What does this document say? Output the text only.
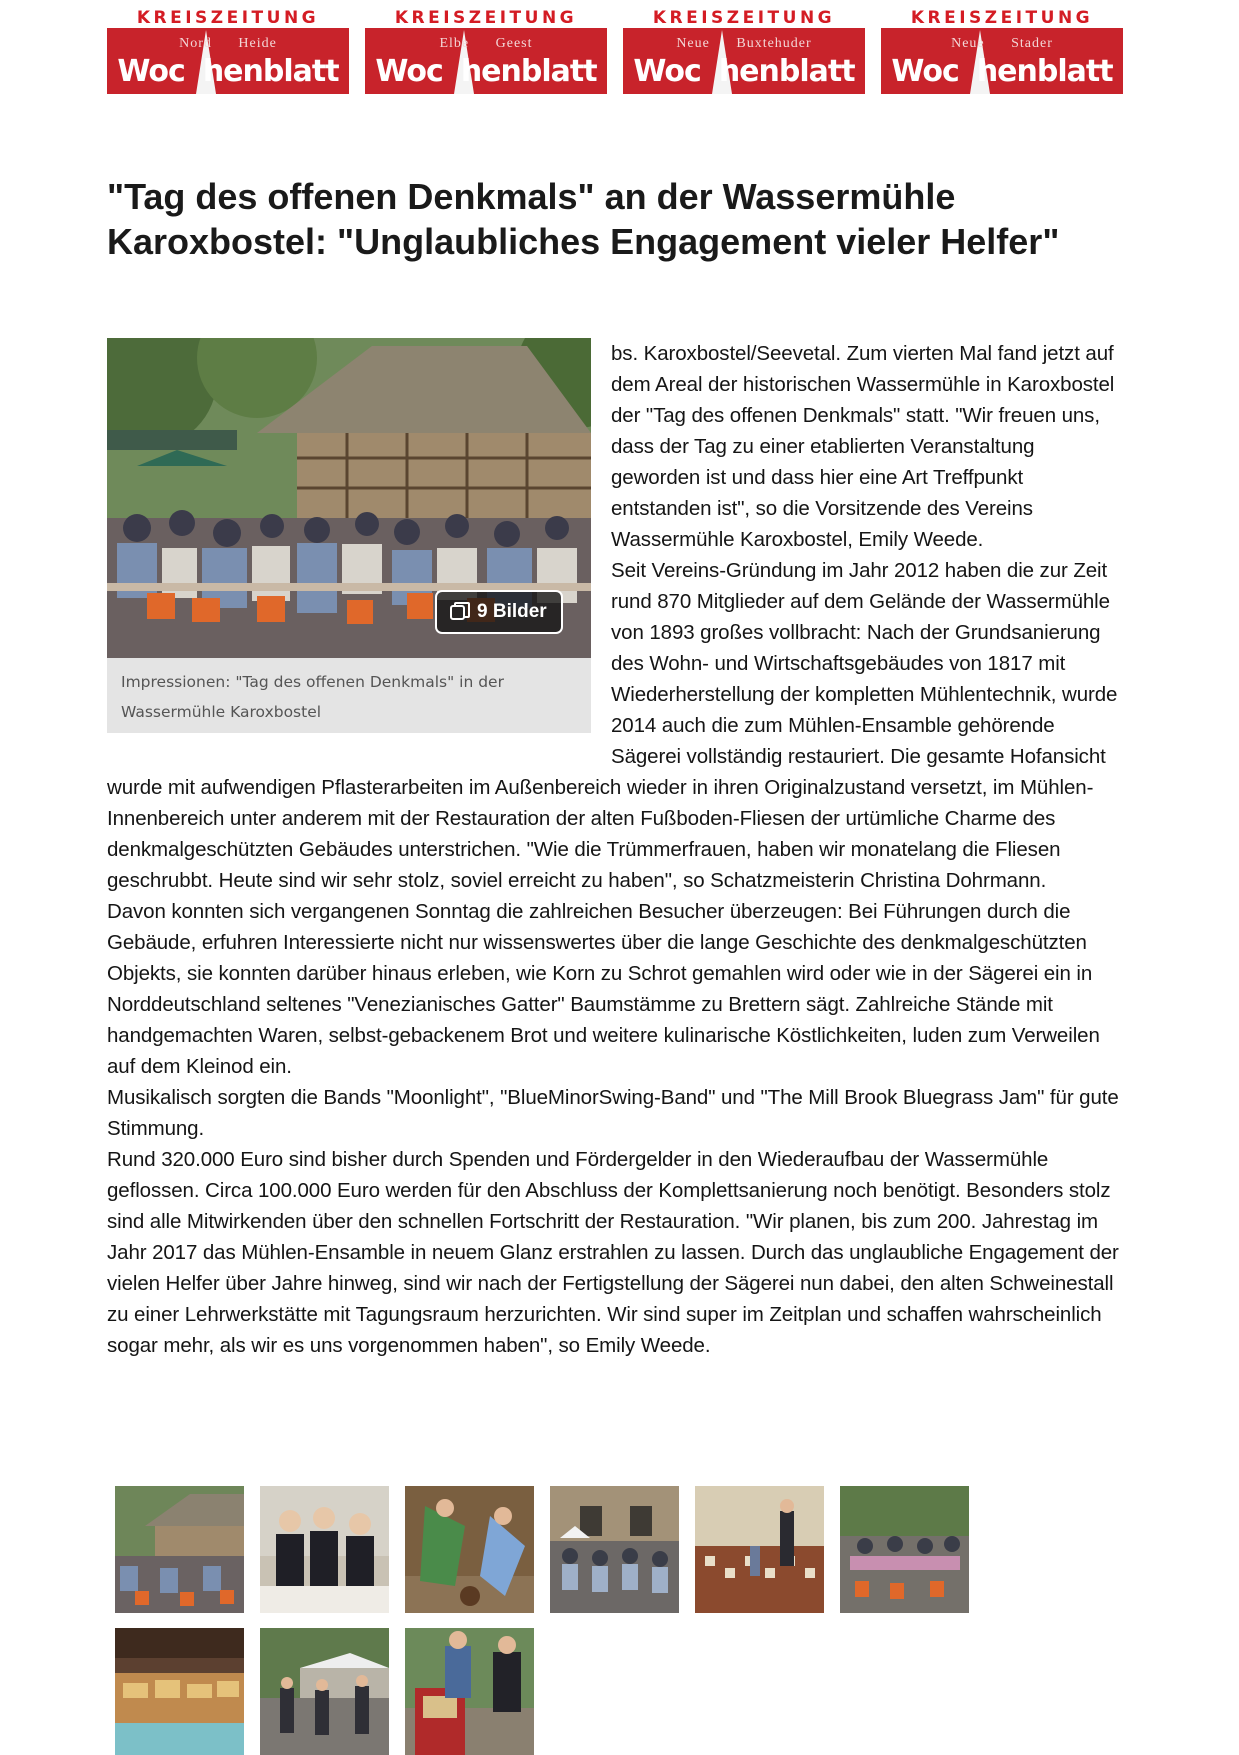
KREISZEITUNG
Nord Heide
Woc henblatt
KREISZEITUNG
Elbe Geest
Woc henblatt
KREISZEITUNG
Neue Buxtehuder
Woc henblatt
KREISZEITUNG
Neue Stader
Woc henblatt
"Tag des offenen Denkmals" an der Wassermühle Karoxbostel: "Unglaubliches Engagement vieler Helfer"
9 Bilder
Impressionen: "Tag des offenen Denkmals" in der Wassermühle Karoxbostel

bs. Karoxbostel/Seevetal. Zum vierten Mal fand jetzt auf dem Areal der historischen Wassermühle in Karoxbostel der "Tag des offenen Denkmals" statt. "Wir freuen uns, dass der Tag zu einer etablierten Veranstaltung geworden ist und dass hier eine Art Treffpunkt entstanden ist", so die Vorsitzende des Vereins Wassermühle Karoxbostel, Emily Weede.

Seit Vereins-Gründung im Jahr 2012 haben die zur Zeit rund 870 Mitglieder auf dem Gelände der Wassermühle von 1893 großes vollbracht: Nach der Grundsanierung des Wohn- und Wirtschaftsgebäudes von 1817 mit Wiederherstellung der kompletten Mühlentechnik, wurde 2014 auch die zum Mühlen-Ensamble gehörende Sägerei vollständig restauriert. Die gesamte Hofansicht wurde mit aufwendigen Pflasterarbeiten im Außenbereich wieder in ihren Originalzustand versetzt, im Mühlen-Innenbereich unter anderem mit der Restauration der alten Fußboden-Fliesen der urtümliche Charme des denkmalgeschützten Gebäudes unterstrichen. "Wie die Trümmerfrauen, haben wir monatelang die Fliesen geschrubbt. Heute sind wir sehr stolz, soviel erreicht zu haben", so Schatzmeisterin Christina Dohrmann.

Davon konnten sich vergangenen Sonntag die zahlreichen Besucher überzeugen: Bei Führungen durch die Gebäude, erfuhren Interessierte nicht nur wissenswertes über die lange Geschichte des denkmalgeschützten Objekts, sie konnten darüber hinaus erleben, wie Korn zu Schrot gemahlen wird oder wie in der Sägerei ein in Norddeutschland seltenes "Venezianisches Gatter" Baumstämme zu Brettern sägt. Zahlreiche Stände mit handgemachten Waren, selbst-gebackenem Brot und weitere kulinarische Köstlichkeiten, luden zum Verweilen auf dem Kleinod ein.

Musikalisch sorgten die Bands "Moonlight", "BlueMinorSwing-Band" und "The Mill Brook Bluegrass Jam" für gute Stimmung.

Rund 320.000 Euro sind bisher durch Spenden und Fördergelder in den Wiederaufbau der Wassermühle geflossen. Circa 100.000 Euro werden für den Abschluss der Komplettsanierung noch benötigt. Besonders stolz sind alle Mitwirkenden über den schnellen Fortschritt der Restauration. "Wir planen, bis zum 200. Jahrestag im Jahr 2017 das Mühlen-Ensamble in neuem Glanz erstrahlen zu lassen. Durch das unglaubliche Engagement der vielen Helfer über Jahre hinweg, sind wir nach der Fertigstellung der Sägerei nun dabei, den alten Schweinestall zu einer Lehrwerkstätte mit Tagungsraum herzurichten. Wir sind super im Zeitplan und schaffen wahrscheinlich sogar mehr, als wir es uns vorgenommen haben", so Emily Weede.
